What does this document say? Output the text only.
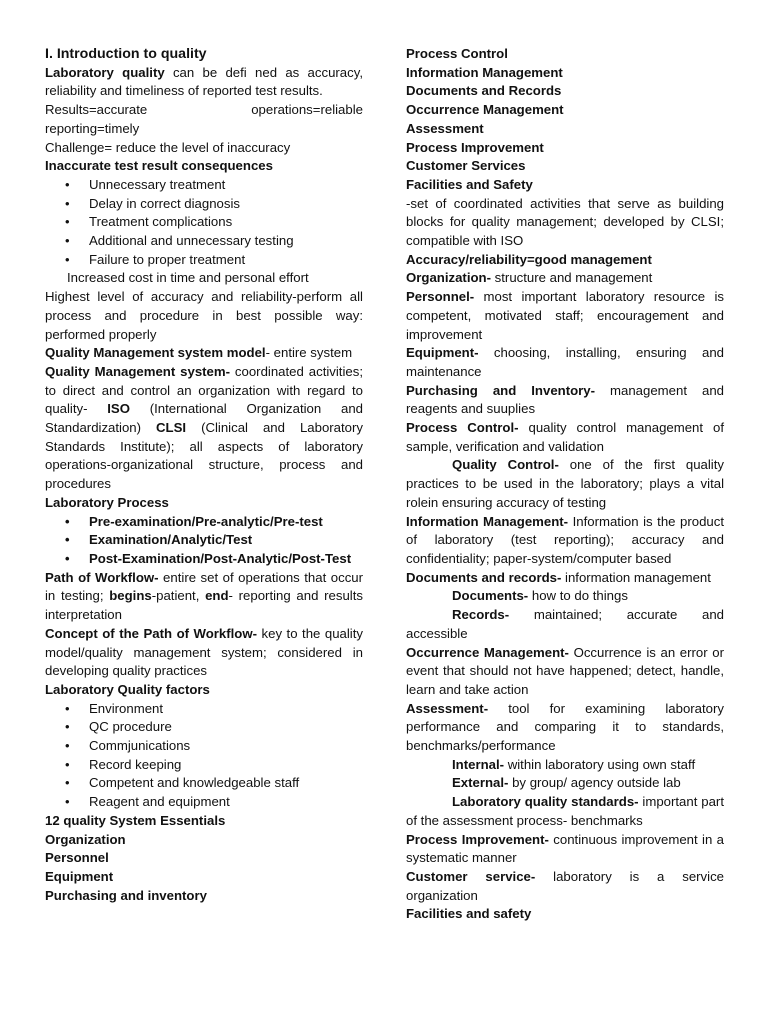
I. Introduction to quality

Laboratory quality can be defi ned as accuracy, reliability and timeliness of reported test results.

Results=accurate	operations=reliable

reporting=timely

Challenge= reduce the level of inaccuracy

Inaccurate test result consequences

• Unnecessary treatment
• Delay in correct diagnosis
• Treatment complications
• Additional and unnecessary testing
• Failure to proper treatment

Increased cost in time and personal effort

Highest level of accuracy and reliability-perform all process and procedure in best possible way: performed properly

Quality Management system model- entire system

Quality Management system- coordinated activities; to direct and control an organization with regard to quality- ISO (International Organization and Standardization) CLSI (Clinical and Laboratory Standards Institute); all aspects of laboratory operations-organizational structure, process and procedures

Laboratory Process

• Pre-examination/Pre-analytic/Pre-test
• Examination/Analytic/Test
• Post-Examination/Post-Analytic/Post-Test

Path of Workflow- entire set of operations that occur in testing; begins-patient, end- reporting and results interpretation

Concept of the Path of Workflow- key to the quality model/quality management system; considered in developing quality practices

Laboratory Quality factors

• Environment
• QC procedure
• Commjunications
• Record keeping
• Competent and knowledgeable staff
• Reagent and equipment

12 quality System Essentials

Organization

Personnel

Equipment

Purchasing and inventory

Process Control

Information Management

Documents and Records

Occurrence Management

Assessment

Process Improvement

Customer Services

Facilities and Safety

-set of coordinated activities that serve as building blocks for quality management; developed by CLSI; compatible with ISO

Accuracy/reliability=good management

Organization- structure and management

Personnel- most important laboratory resource is competent, motivated staff; encouragement and improvement

Equipment- choosing, installing, ensuring and maintenance

Purchasing and Inventory- management and reagents and suuplies

Process Control- quality control management of sample, verification and validation

Quality Control- one of the first quality practices to be used in the laboratory; plays a vital rolein ensuring accuracy of testing

Information Management- Information is the product of laboratory (test reporting); accuracy and confidentiality; paper-system/computer based

Documents and records- information management

Documents- how to do things

Records- maintained; accurate and accessible

Occurrence Management- Occurrence is an error or event that should not have happened; detect, handle, learn and take action

Assessment- tool for examining laboratory performance and comparing it to standards, benchmarks/performance

Internal- within laboratory using own staff

External- by group/ agency outside lab

Laboratory quality standards- important part of the assessment process- benchmarks

Process Improvement- continuous improvement in a systematic manner

Customer service- laboratory is a service organization

Facilities and safety
